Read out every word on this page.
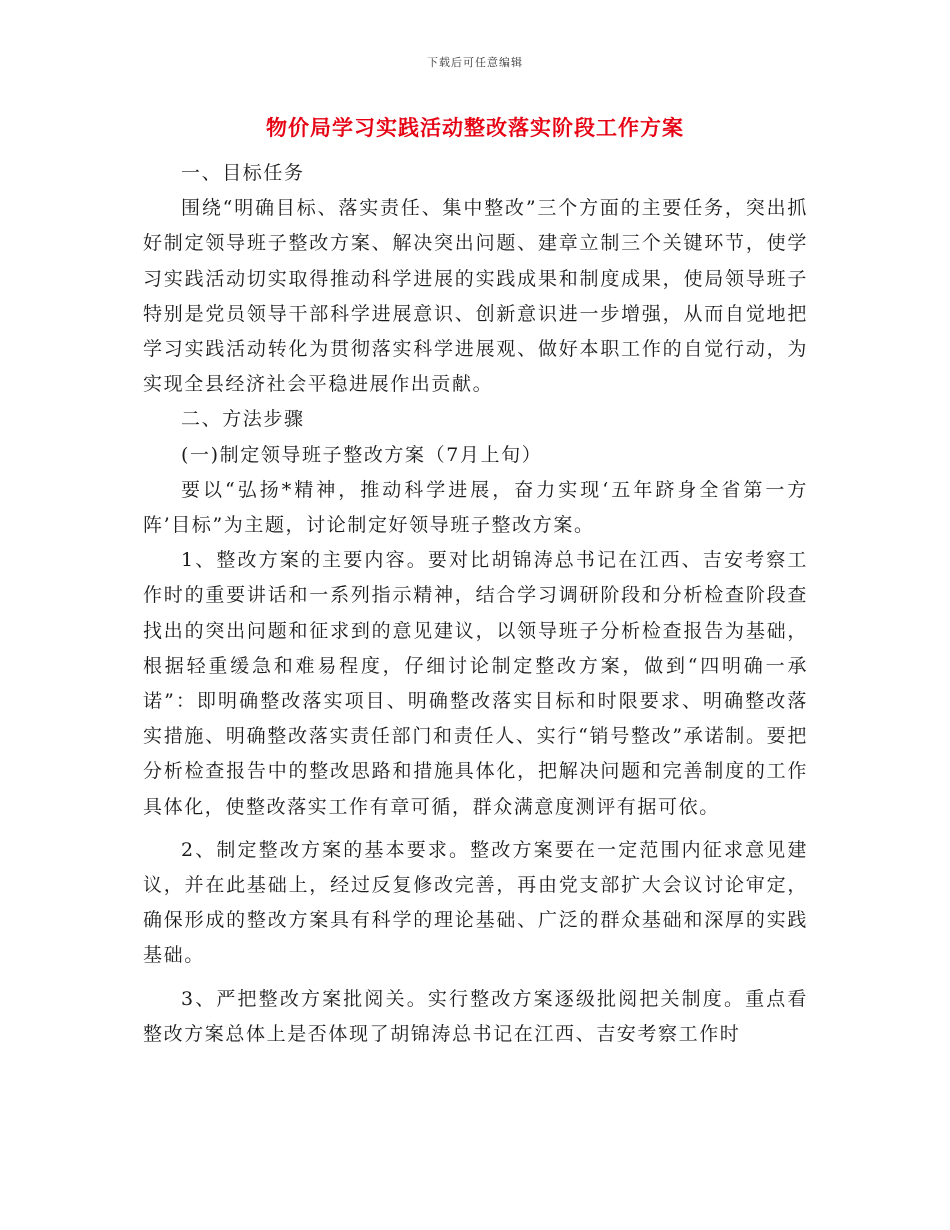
下载后可任意编辑
物价局学习实践活动整改落实阶段工作方案

一、目标任务

围绕“明确目标、落实责任、集中整改”三个方面的主要任务，突出抓好制定领导班子整改方案、解决突出问题、建章立制三个关键环节，使学习实践活动切实取得推动科学进展的实践成果和制度成果，使局领导班子特别是党员领导干部科学进展意识、创新意识进一步增强，从而自觉地把学习实践活动转化为贯彻落实科学进展观、做好本职工作的自觉行动，为实现全县经济社会平稳进展作出贡献。

二、方法步骤

(一)制定领导班子整改方案（7月上旬）

要以“弘扬*精神，推动科学进展，奋力实现‘五年跻身全省第一方阵’目标”为主题，讨论制定好领导班子整改方案。

1、整改方案的主要内容。要对比胡锦涛总书记在江西、吉安考察工作时的重要讲话和一系列指示精神，结合学习调研阶段和分析检查阶段查找出的突出问题和征求到的意见建议，以领导班子分析检查报告为基础，根据轻重缓急和难易程度，仔细讨论制定整改方案，做到“四明确一承诺”：即明确整改落实项目、明确整改落实目标和时限要求、明确整改落实措施、明确整改落实责任部门和责任人、实行“销号整改”承诺制。要把分析检查报告中的整改思路和措施具体化，把解决问题和完善制度的工作具体化，使整改落实工作有章可循，群众满意度测评有据可依。

2、制定整改方案的基本要求。整改方案要在一定范围内征求意见建议，并在此基础上，经过反复修改完善，再由党支部扩大会议讨论审定，确保形成的整改方案具有科学的理论基础、广泛的群众基础和深厚的实践基础。

3、严把整改方案批阅关。实行整改方案逐级批阅把关制度。重点看整改方案总体上是否体现了胡锦涛总书记在江西、吉安考察工作时
